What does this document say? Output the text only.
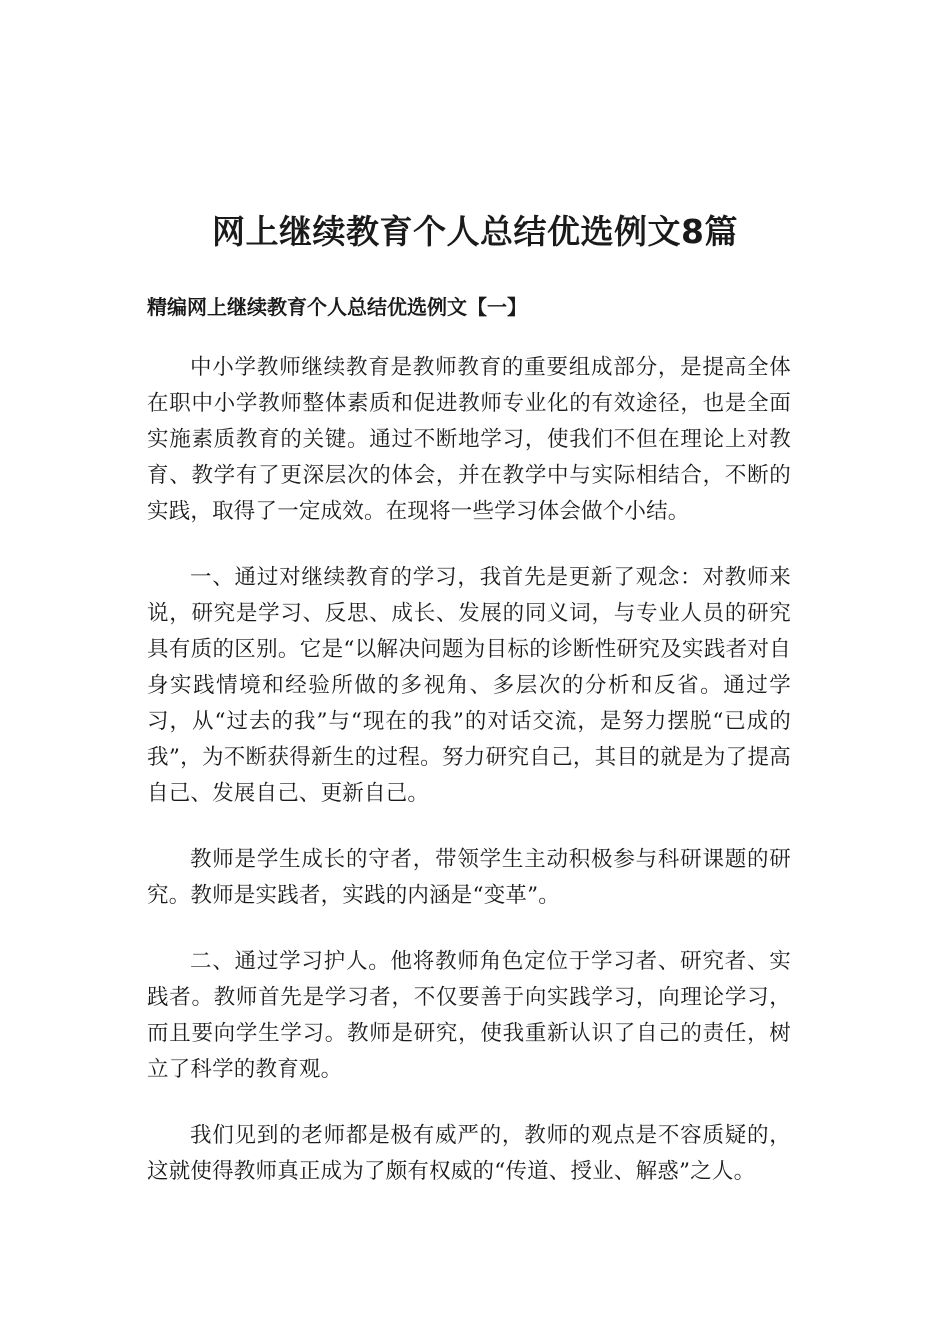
网上继续教育个人总结优选例文8篇
精编网上继续教育个人总结优选例文【一】

中小学教师继续教育是教师教育的重要组成部分，是提高全体在职中小学教师整体素质和促进教师专业化的有效途径，也是全面实施素质教育的关键。通过不断地学习，使我们不但在理论上对教育、教学有了更深层次的体会，并在教学中与实际相结合，不断的实践，取得了一定成效。在现将一些学习体会做个小结。

一、通过对继续教育的学习，我首先是更新了观念：对教师来说，研究是学习、反思、成长、发展的同义词，与专业人员的研究具有质的区别。它是“以解决问题为目标的诊断性研究及实践者对自身实践情境和经验所做的多视角、多层次的分析和反省。通过学习，从“过去的我”与“现在的我”的对话交流，是努力摆脱“已成的我”，为不断获得新生的过程。努力研究自己，其目的就是为了提高自己、发展自己、更新自己。

教师是学生成长的守者，带领学生主动积极参与科研课题的研究。教师是实践者，实践的内涵是“变革”。

二、通过学习护人。他将教师角色定位于学习者、研究者、实践者。教师首先是学习者，不仅要善于向实践学习，向理论学习，而且要向学生学习。教师是研究，使我重新认识了自己的责任，树立了科学的教育观。

我们见到的老师都是极有威严的，教师的观点是不容质疑的，这就使得教师真正成为了颇有权威的“传道、授业、解惑”之人。
